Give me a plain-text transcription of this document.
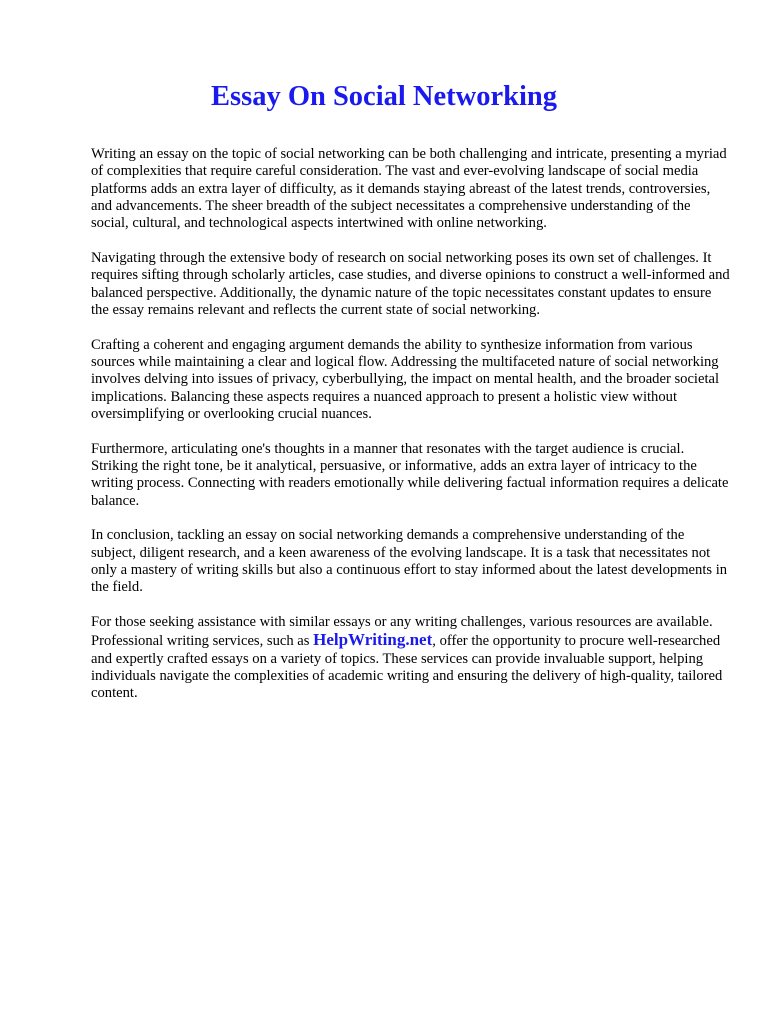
Essay On Social Networking

Writing an essay on the topic of social networking can be both challenging and intricate, presenting a myriad of complexities that require careful consideration. The vast and ever-evolving landscape of social media platforms adds an extra layer of difficulty, as it demands staying abreast of the latest trends, controversies, and advancements. The sheer breadth of the subject necessitates a comprehensive understanding of the social, cultural, and technological aspects intertwined with online networking.

Navigating through the extensive body of research on social networking poses its own set of challenges. It requires sifting through scholarly articles, case studies, and diverse opinions to construct a well-informed and balanced perspective. Additionally, the dynamic nature of the topic necessitates constant updates to ensure the essay remains relevant and reflects the current state of social networking.

Crafting a coherent and engaging argument demands the ability to synthesize information from various sources while maintaining a clear and logical flow. Addressing the multifaceted nature of social networking involves delving into issues of privacy, cyberbullying, the impact on mental health, and the broader societal implications. Balancing these aspects requires a nuanced approach to present a holistic view without oversimplifying or overlooking crucial nuances.

Furthermore, articulating one's thoughts in a manner that resonates with the target audience is crucial. Striking the right tone, be it analytical, persuasive, or informative, adds an extra layer of intricacy to the writing process. Connecting with readers emotionally while delivering factual information requires a delicate balance.

In conclusion, tackling an essay on social networking demands a comprehensive understanding of the subject, diligent research, and a keen awareness of the evolving landscape. It is a task that necessitates not only a mastery of writing skills but also a continuous effort to stay informed about the latest developments in the field.

For those seeking assistance with similar essays or any writing challenges, various resources are available. Professional writing services, such as HelpWriting.net, offer the opportunity to procure well-researched and expertly crafted essays on a variety of topics. These services can provide invaluable support, helping individuals navigate the complexities of academic writing and ensuring the delivery of high-quality, tailored content.
